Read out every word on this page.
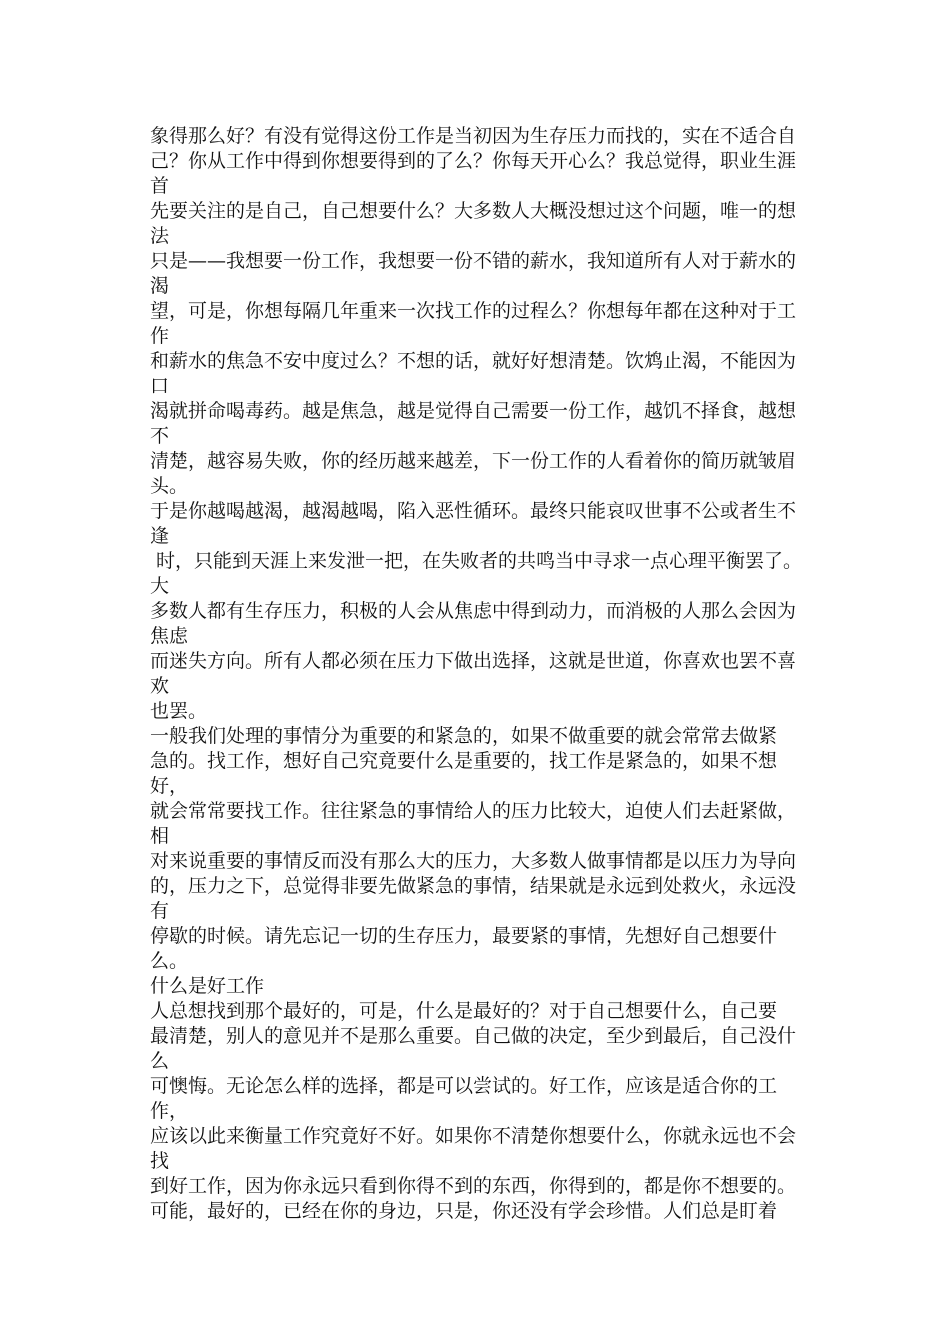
象得那么好？有没有觉得这份工作是当初因为生存压力而找的，实在不适合自
己？你从工作中得到你想要得到的了么？你每天开心么？我总觉得，职业生涯
首
先要关注的是自己，自己想要什么？大多数人大概没想过这个问题，唯一的想
法
只是——我想要一份工作，我想要一份不错的薪水，我知道所有人对于薪水的
渴
望，可是，你想每隔几年重来一次找工作的过程么？你想每年都在这种对于工
作
和薪水的焦急不安中度过么？不想的话，就好好想清楚。饮鸩止渴，不能因为
口
渴就拼命喝毒药。越是焦急，越是觉得自己需要一份工作，越饥不择食，越想
不
清楚，越容易失败，你的经历越来越差，下一份工作的人看着你的简历就皱眉
头。
于是你越喝越渴，越渴越喝，陷入恶性循环。最终只能哀叹世事不公或者生不
逢
时，只能到天涯上来发泄一把，在失败者的共鸣当中寻求一点心理平衡罢了。
大
多数人都有生存压力，积极的人会从焦虑中得到动力，而消极的人那么会因为
焦虑
而迷失方向。所有人都必须在压力下做出选择，这就是世道，你喜欢也罢不喜
欢
也罢。
一般我们处理的事情分为重要的和紧急的，如果不做重要的就会常常去做紧
急的。找工作，想好自己究竟要什么是重要的，找工作是紧急的，如果不想
好，
就会常常要找工作。往往紧急的事情给人的压力比较大，迫使人们去赶紧做，
相
对来说重要的事情反而没有那么大的压力，大多数人做事情都是以压力为导向
的，压力之下，总觉得非要先做紧急的事情，结果就是永远到处救火，永远没
有
停歇的时候。请先忘记一切的生存压力，最要紧的事情，先想好自己想要什
么。
什么是好工作
人总想找到那个最好的，可是，什么是最好的？对于自己想要什么，自己要
最清楚，别人的意见并不是那么重要。自己做的决定，至少到最后，自己没什
么
可懊悔。无论怎么样的选择，都是可以尝试的。好工作，应该是适合你的工
作，
应该以此来衡量工作究竟好不好。如果你不清楚你想要什么，你就永远也不会
找
到好工作，因为你永远只看到你得不到的东西，你得到的，都是你不想要的。
可能，最好的，已经在你的身边，只是，你还没有学会珍惜。人们总是盯着
